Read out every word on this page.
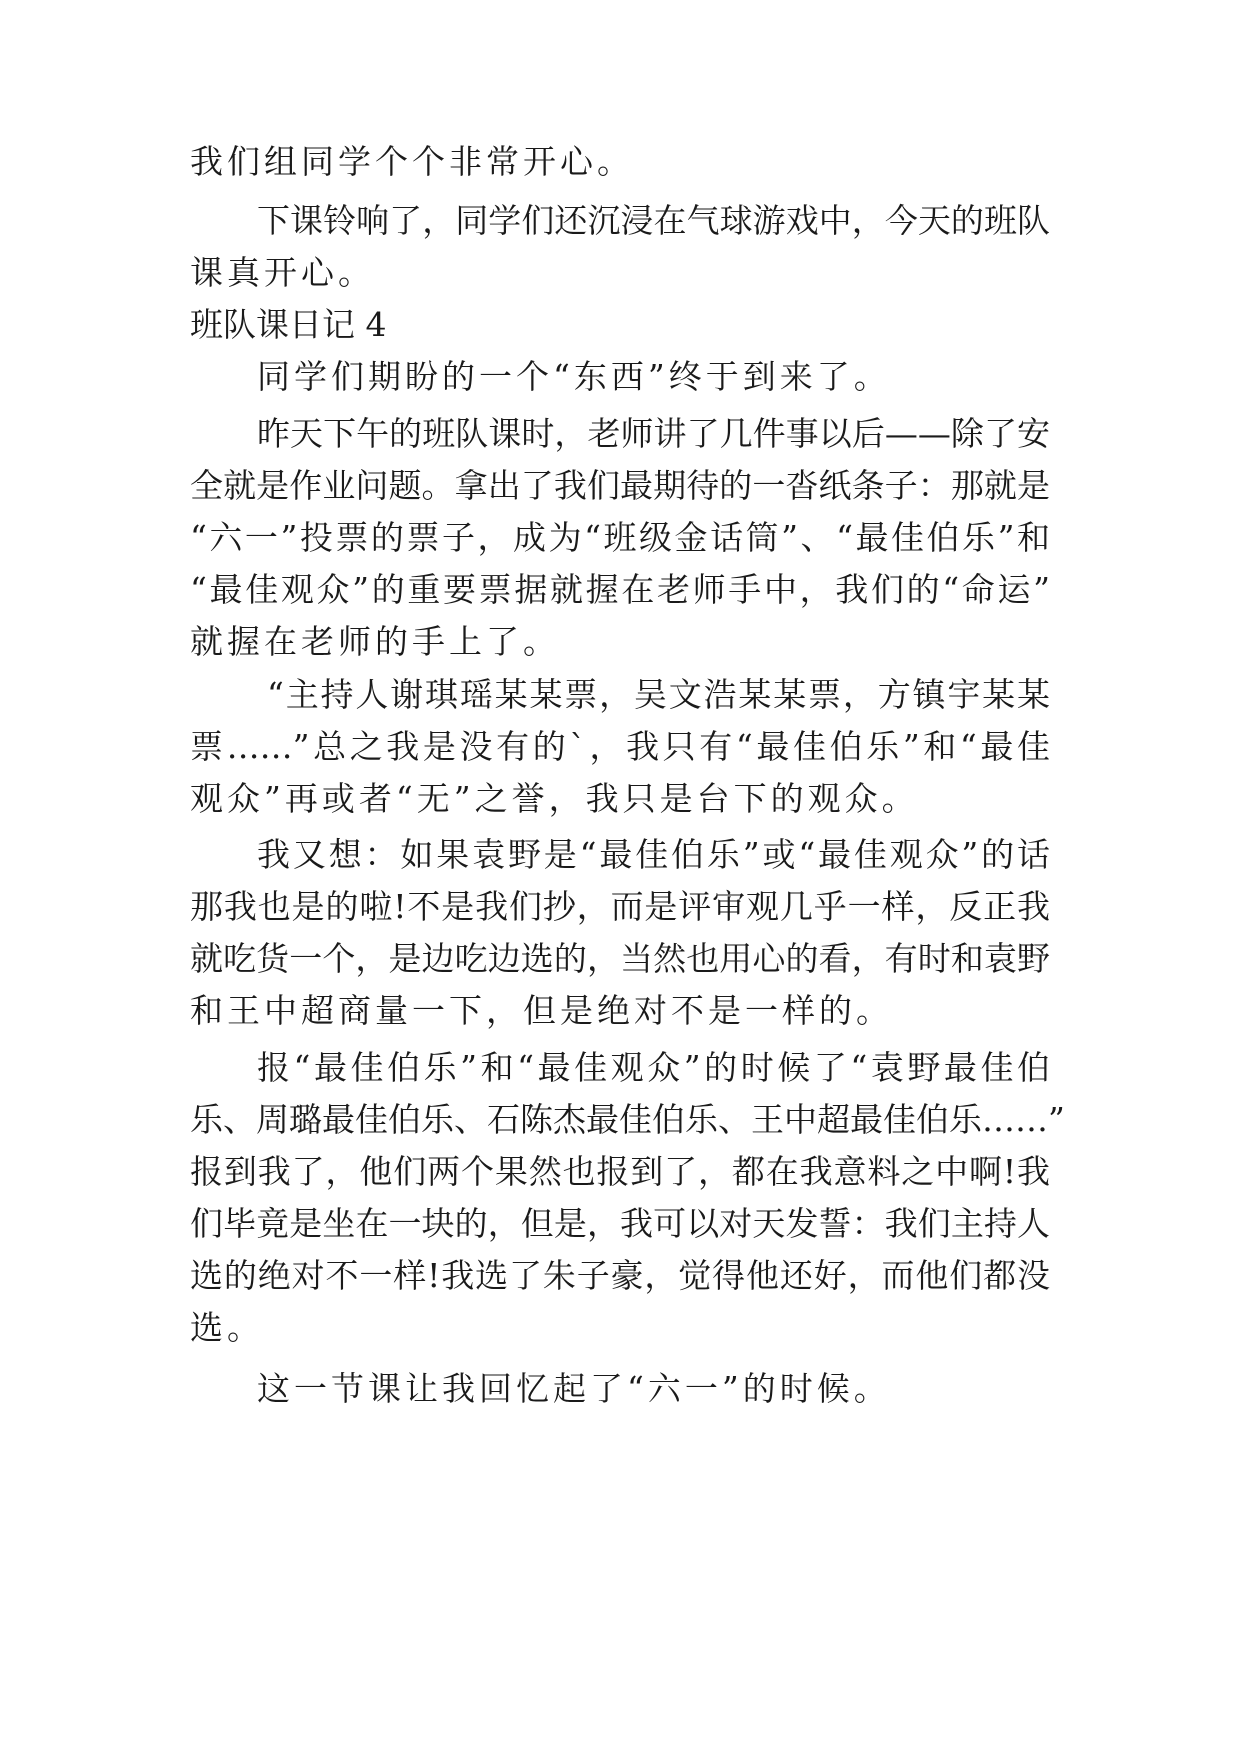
我们组同学个个非常开心。
下课铃响了，同学们还沉浸在气球游戏中，今天的班队
课真开心。
班队课日记 4
同学们期盼的一个“东西”终于到来了。
昨天下午的班队课时，老师讲了几件事以后——除了安
全就是作业问题。拿出了我们最期待的一沓纸条子：那就是
“六一”投票的票子，成为“班级金话筒”、“最佳伯乐”和
“最佳观众”的重要票据就握在老师手中，我们的“命运”
就握在老师的手上了。
“主持人谢琪瑶某某票，吴文浩某某票，方镇宇某某
票……”总之我是没有的`，我只有“最佳伯乐”和“最佳
观众”再或者“无”之誉，我只是台下的观众。
我又想：如果袁野是“最佳伯乐”或“最佳观众”的话
那我也是的啦!不是我们抄，而是评审观几乎一样，反正我
就吃货一个，是边吃边选的，当然也用心的看，有时和袁野
和王中超商量一下，但是绝对不是一样的。
报“最佳伯乐”和“最佳观众”的时候了“袁野最佳伯
乐、周璐最佳伯乐、石陈杰最佳伯乐、王中超最佳伯乐……”
报到我了，他们两个果然也报到了，都在我意料之中啊!我
们毕竟是坐在一块的，但是，我可以对天发誓：我们主持人
选的绝对不一样!我选了朱子豪，觉得他还好，而他们都没
选。
这一节课让我回忆起了“六一”的时候。
